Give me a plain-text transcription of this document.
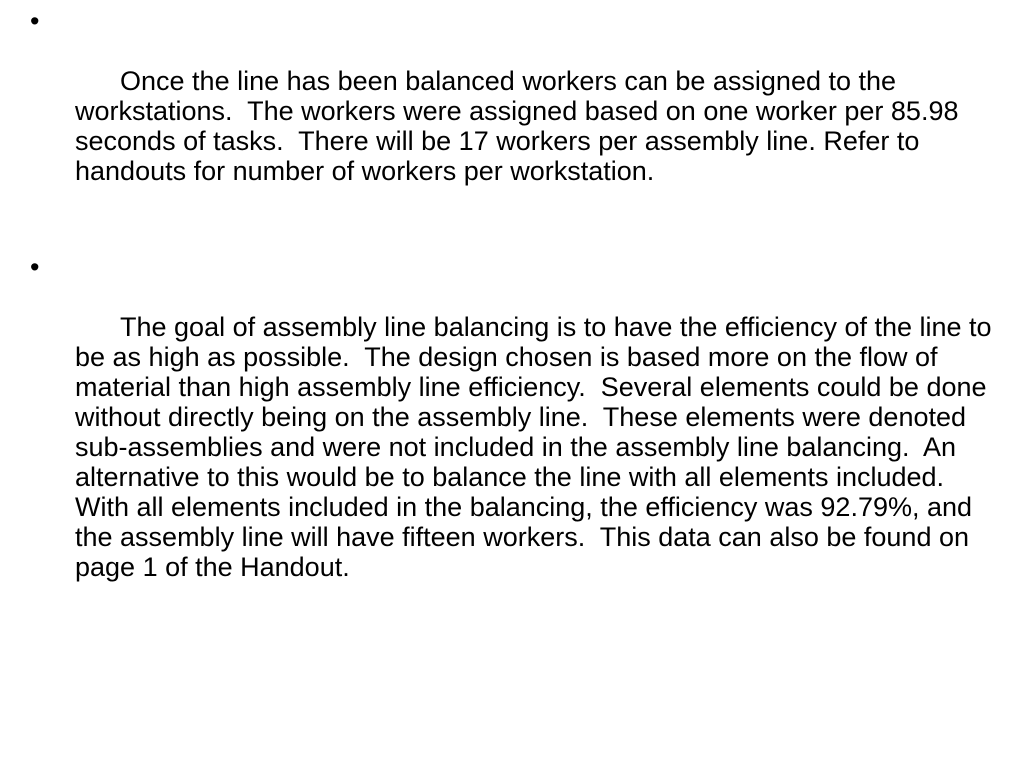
•

Once the line has been balanced workers can be assigned to the workstations.  The workers were assigned based on one worker per 85.98 seconds of tasks.  There will be 17 workers per assembly line. Refer to handouts for number of workers per workstation.

•

The goal of assembly line balancing is to have the efficiency of the line to be as high as possible.  The design chosen is based more on the flow of material than high assembly line efficiency.  Several elements could be done without directly being on the assembly line.  These elements were denoted sub-assemblies and were not included in the assembly line balancing.  An alternative to this would be to balance the line with all elements included.  With all elements included in the balancing, the efficiency was 92.79%, and the assembly line will have fifteen workers.  This data can also be found on page 1 of the Handout.
